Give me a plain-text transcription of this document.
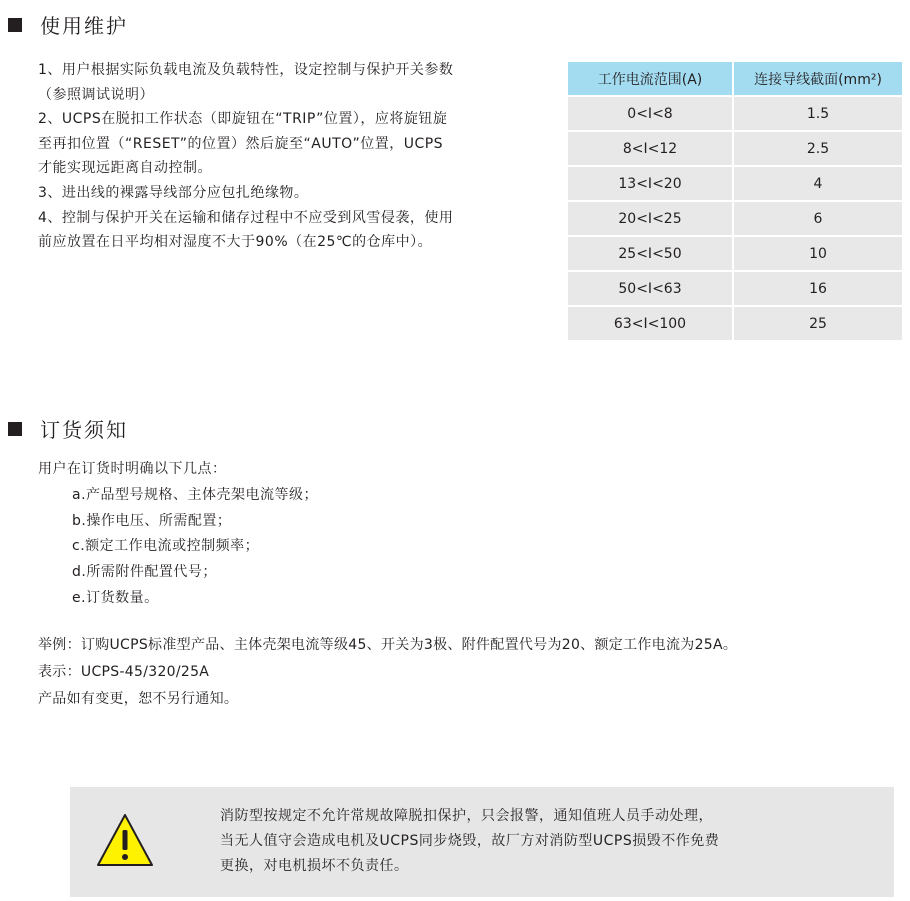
使用维护
1、用户根据实际负载电流及负载特性，设定控制与保护开关参数
（参照调试说明）
2、UCPS在脱扣工作状态（即旋钮在“TRIP”位置），应将旋钮旋
至再扣位置（“RESET”的位置）然后旋至“AUTO”位置，UCPS
才能实现远距离自动控制。
3、进出线的裸露导线部分应包扎绝缘物。
4、控制与保护开关在运输和储存过程中不应受到风雪侵袭，使用
前应放置在日平均相对湿度不大于90%（在25℃的仓库中）。
工作电流范围(A)	连接导线截面(mm²)
0<I<8	1.5
8<I<12	2.5
13<I<20	4
20<I<25	6
25<I<50	10
50<I<63	16
63<I<100	25
订货须知
用户在订货时明确以下几点：
a.产品型号规格、主体壳架电流等级；
b.操作电压、所需配置；
c.额定工作电流或控制频率；
d.所需附件配置代号；
e.订货数量。
举例：订购UCPS标准型产品、主体壳架电流等级45、开关为3极、附件配置代号为20、额定工作电流为25A。
表示：UCPS-45/320/25A
产品如有变更，恕不另行通知。
消防型按规定不允许常规故障脱扣保护，只会报警，通知值班人员手动处理，
当无人值守会造成电机及UCPS同步烧毁，故厂方对消防型UCPS损毁不作免费
更换，对电机损坏不负责任。
